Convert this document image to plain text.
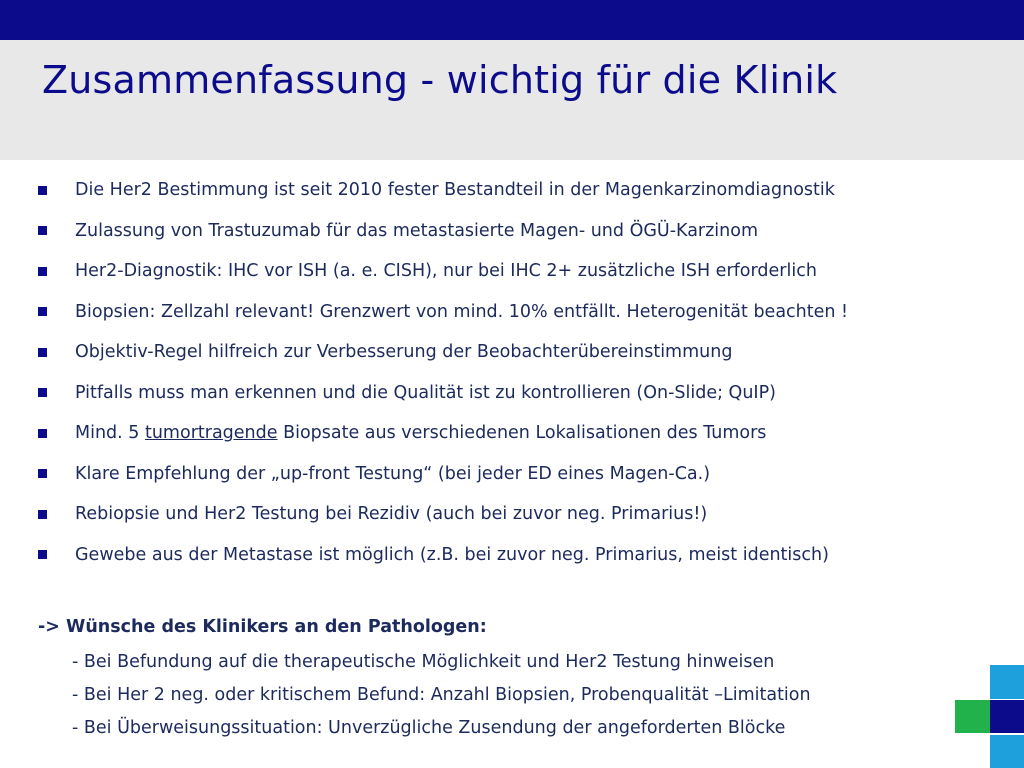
Zusammenfassung - wichtig für die Klinik
Die Her2 Bestimmung ist seit 2010 fester Bestandteil in der Magenkarzinomdiagnostik
Zulassung von Trastuzumab für das metastasierte Magen- und ÖGÜ-Karzinom
Her2-Diagnostik: IHC vor ISH (a. e. CISH), nur bei IHC 2+ zusätzliche ISH erforderlich
Biopsien: Zellzahl relevant! Grenzwert von mind. 10% entfällt. Heterogenität beachten !
Objektiv-Regel hilfreich zur Verbesserung der Beobachterübereinstimmung
Pitfalls muss man erkennen und die Qualität ist zu kontrollieren (On-Slide; QuIP)
Mind. 5 tumortragende Biopsate aus verschiedenen Lokalisationen des Tumors
Klare Empfehlung der „up-front Testung“ (bei jeder ED eines Magen-Ca.)
Rebiopsie und Her2 Testung bei Rezidiv (auch bei zuvor neg. Primarius!)
Gewebe aus der Metastase ist möglich (z.B. bei zuvor neg. Primarius, meist identisch)

-> Wünsche des Klinikers an den Pathologen:

- Bei Befundung auf die therapeutische Möglichkeit und Her2 Testung hinweisen
- Bei Her 2 neg. oder kritischem Befund: Anzahl Biopsien, Probenqualität –Limitation
- Bei Überweisungssituation: Unverzügliche Zusendung der angeforderten Blöcke
